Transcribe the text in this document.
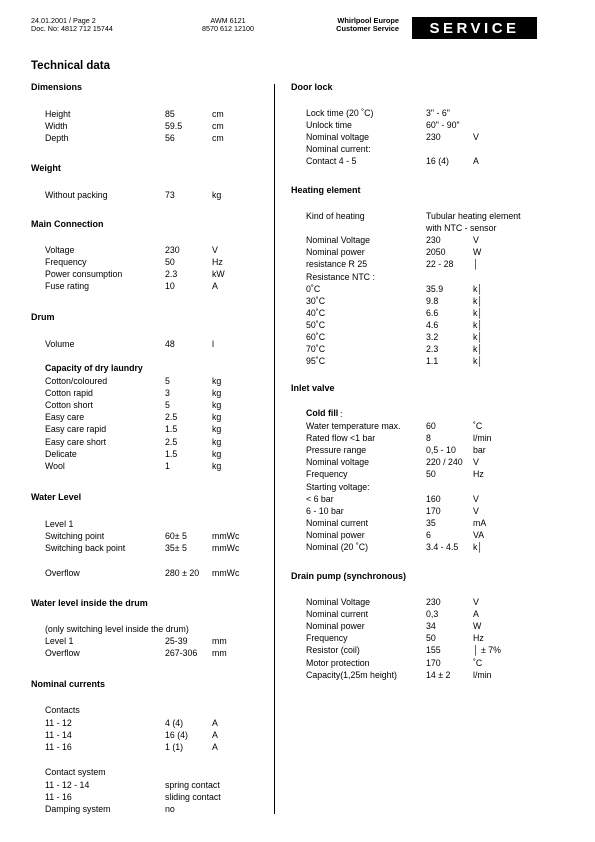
24.01.2001 / Page 2
Doc. No: 4812 712 15744
AWM 6121
8570 612 12100
Whirlpool Europe
Customer Service	SERVICE
Technical data
Dimensions
Height	85	cm
Width	59.5	cm
Depth	56	cm
Weight
Without packing	73	kg
Main Connection
Voltage	230	V
Frequency	50	Hz
Power consumption	2.3	kW
Fuse rating	10	A
Drum
Volume	48	l
Capacity of dry laundry
Cotton/coloured	5	kg
Cotton rapid	3	kg
Cotton short	5	kg
Easy care	2.5	kg
Easy care rapid	1.5	kg
Easy care short	2.5	kg
Delicate	1.5	kg
Wool	1	kg
Water Level
Level 1
Switching point	60± 5	mmWc
Switching back point	35± 5	mmWc
Overflow	280 ± 20 mmWc
Water level inside the drum
(only switching level inside the drum)
Level 1	25-39	mm
Overflow	267-306 mm
Nominal currents
Contacts
11 - 12	4 (4)	A
11 - 14	16 (4)	A
11 - 16	1 (1)	A
Contact system
11 - 12 - 14	spring contact
11 - 16	sliding contact
Damping system	no
Door lock
Lock time (20 ˚C)	3" - 6"
Unlock time	60" - 90"
Nominal voltage	230	V
Nominal current:
Contact 4 - 5	16 (4)	A
Heating element
Kind of heating	Tubular heating element
with NTC - sensor
Nominal Voltage	230	V
Nominal power	2050	W
resistance R 25	22 - 28 │
Resistance NTC :
0˚C	35.9	k│
30˚C	9.8	k│
40˚C	6.6	k│
50˚C	4.6	k│
60˚C	3.2	k│
70˚C	2.3	k│
95˚C	1.1	k│
Inlet valve
Cold fill :
Water temperature max.	60	˚C
Rated flow <1 bar	8	l/min
Pressure range	0,5 - 10 bar
Nominal voltage	220 / 240 V
Frequency	50	Hz
Starting voltage:
< 6 bar	160	V
6 - 10 bar	170	V
Nominal current	35	mA
Nominal power	6	VA
Nominal (20 ˚C)	3.4 - 4.5 k│
Drain pump (synchronous)
Nominal Voltage	230	V
Nominal current	0,3	A
Nominal power	34	W
Frequency	50	Hz
Resistor (coil)	155	│ ± 7%
Motor protection	170	˚C
Capacity(1,25m height)	14 ± 2	l/min
